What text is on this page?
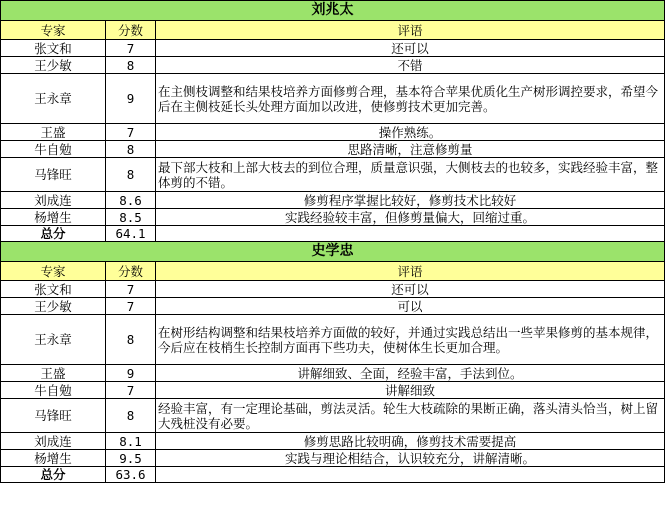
刘兆太		
专家	分数	评语
张文和	7	还可以
王少敏	8	不错
王永章	9	在主侧枝调整和结果枝培养方面修剪合理，基本符合苹果优质化生产树形调控要求，希望今后在主侧枝延长头处理方面加以改进，使修剪技术更加完善。
王盛	7	操作熟练。
牛自勉	8	思路清晰，注意修剪量
马锋旺	8	最下部大枝和上部大枝去的到位合理，质量意识强，大侧枝去的也较多，实践经验丰富，整体剪的不错。
刘成连	8.6	修剪程序掌握比较好，修剪技术比较好
杨增生	8.5	实践经验较丰富，但修剪量偏大，回缩过重。
总分	64.1	
史学忠		
专家	分数	评语
张文和	7	还可以
王少敏	7	可以
王永章	8	在树形结构调整和结果枝培养方面做的较好，并通过实践总结出一些苹果修剪的基本规律，今后应在枝梢生长控制方面再下些功夫，使树体生长更加合理。
王盛	9	讲解细致、全面，经验丰富，手法到位。
牛自勉	7	讲解细致
马锋旺	8	经验丰富，有一定理论基础，剪法灵活。轮生大枝疏除的果断正确，落头清头恰当，树上留大残桩没有必要。
刘成连	8.1	修剪思路比较明确，修剪技术需要提高
杨增生	9.5	实践与理论相结合，认识较充分，讲解清晰。
总分	63.6	
